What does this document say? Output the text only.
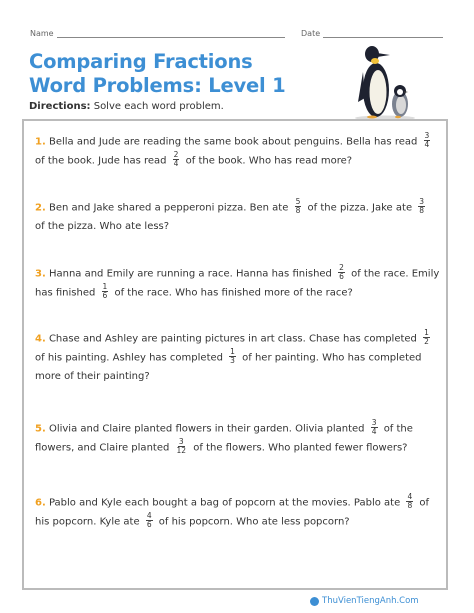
Name	Date
Comparing Fractions
Word Problems: Level 1
Directions: Solve each word problem.
1. Bella and Jude are reading the same book about penguins. Bella has read $\frac{3}{4}$
of the book. Jude has read $\frac{2}{4}$ of the book. Who has read more?
2. Ben and Jake shared a pepperoni pizza. Ben ate $\frac{5}{8}$ of the pizza. Jake ate $\frac{3}{8}$
of the pizza. Who ate less?
3. Hanna and Emily are running a race. Hanna has finished $\frac{2}{6}$ of the race. Emily has finished $\frac{1}{6}$ of the race. Who has finished more of the race?
4. Chase and Ashley are painting pictures in art class. Chase has completed $\frac{1}{2}$
of his painting. Ashley has completed $\frac{1}{3}$ of her painting. Who has completed more of their painting?
5. Olivia and Claire planted flowers in their garden. Olivia planted $\frac{3}{4}$ of the flowers, and Claire planted $\frac{3}{12}$ of the flowers. Who planted fewer flowers?
6. Pablo and Kyle each bought a bag of popcorn at the movies. Pablo ate $\frac{4}{8}$ of his popcorn. Kyle ate $\frac{4}{6}$ of his popcorn. Who ate less popcorn?
ThuVienTiengAnh.Com
